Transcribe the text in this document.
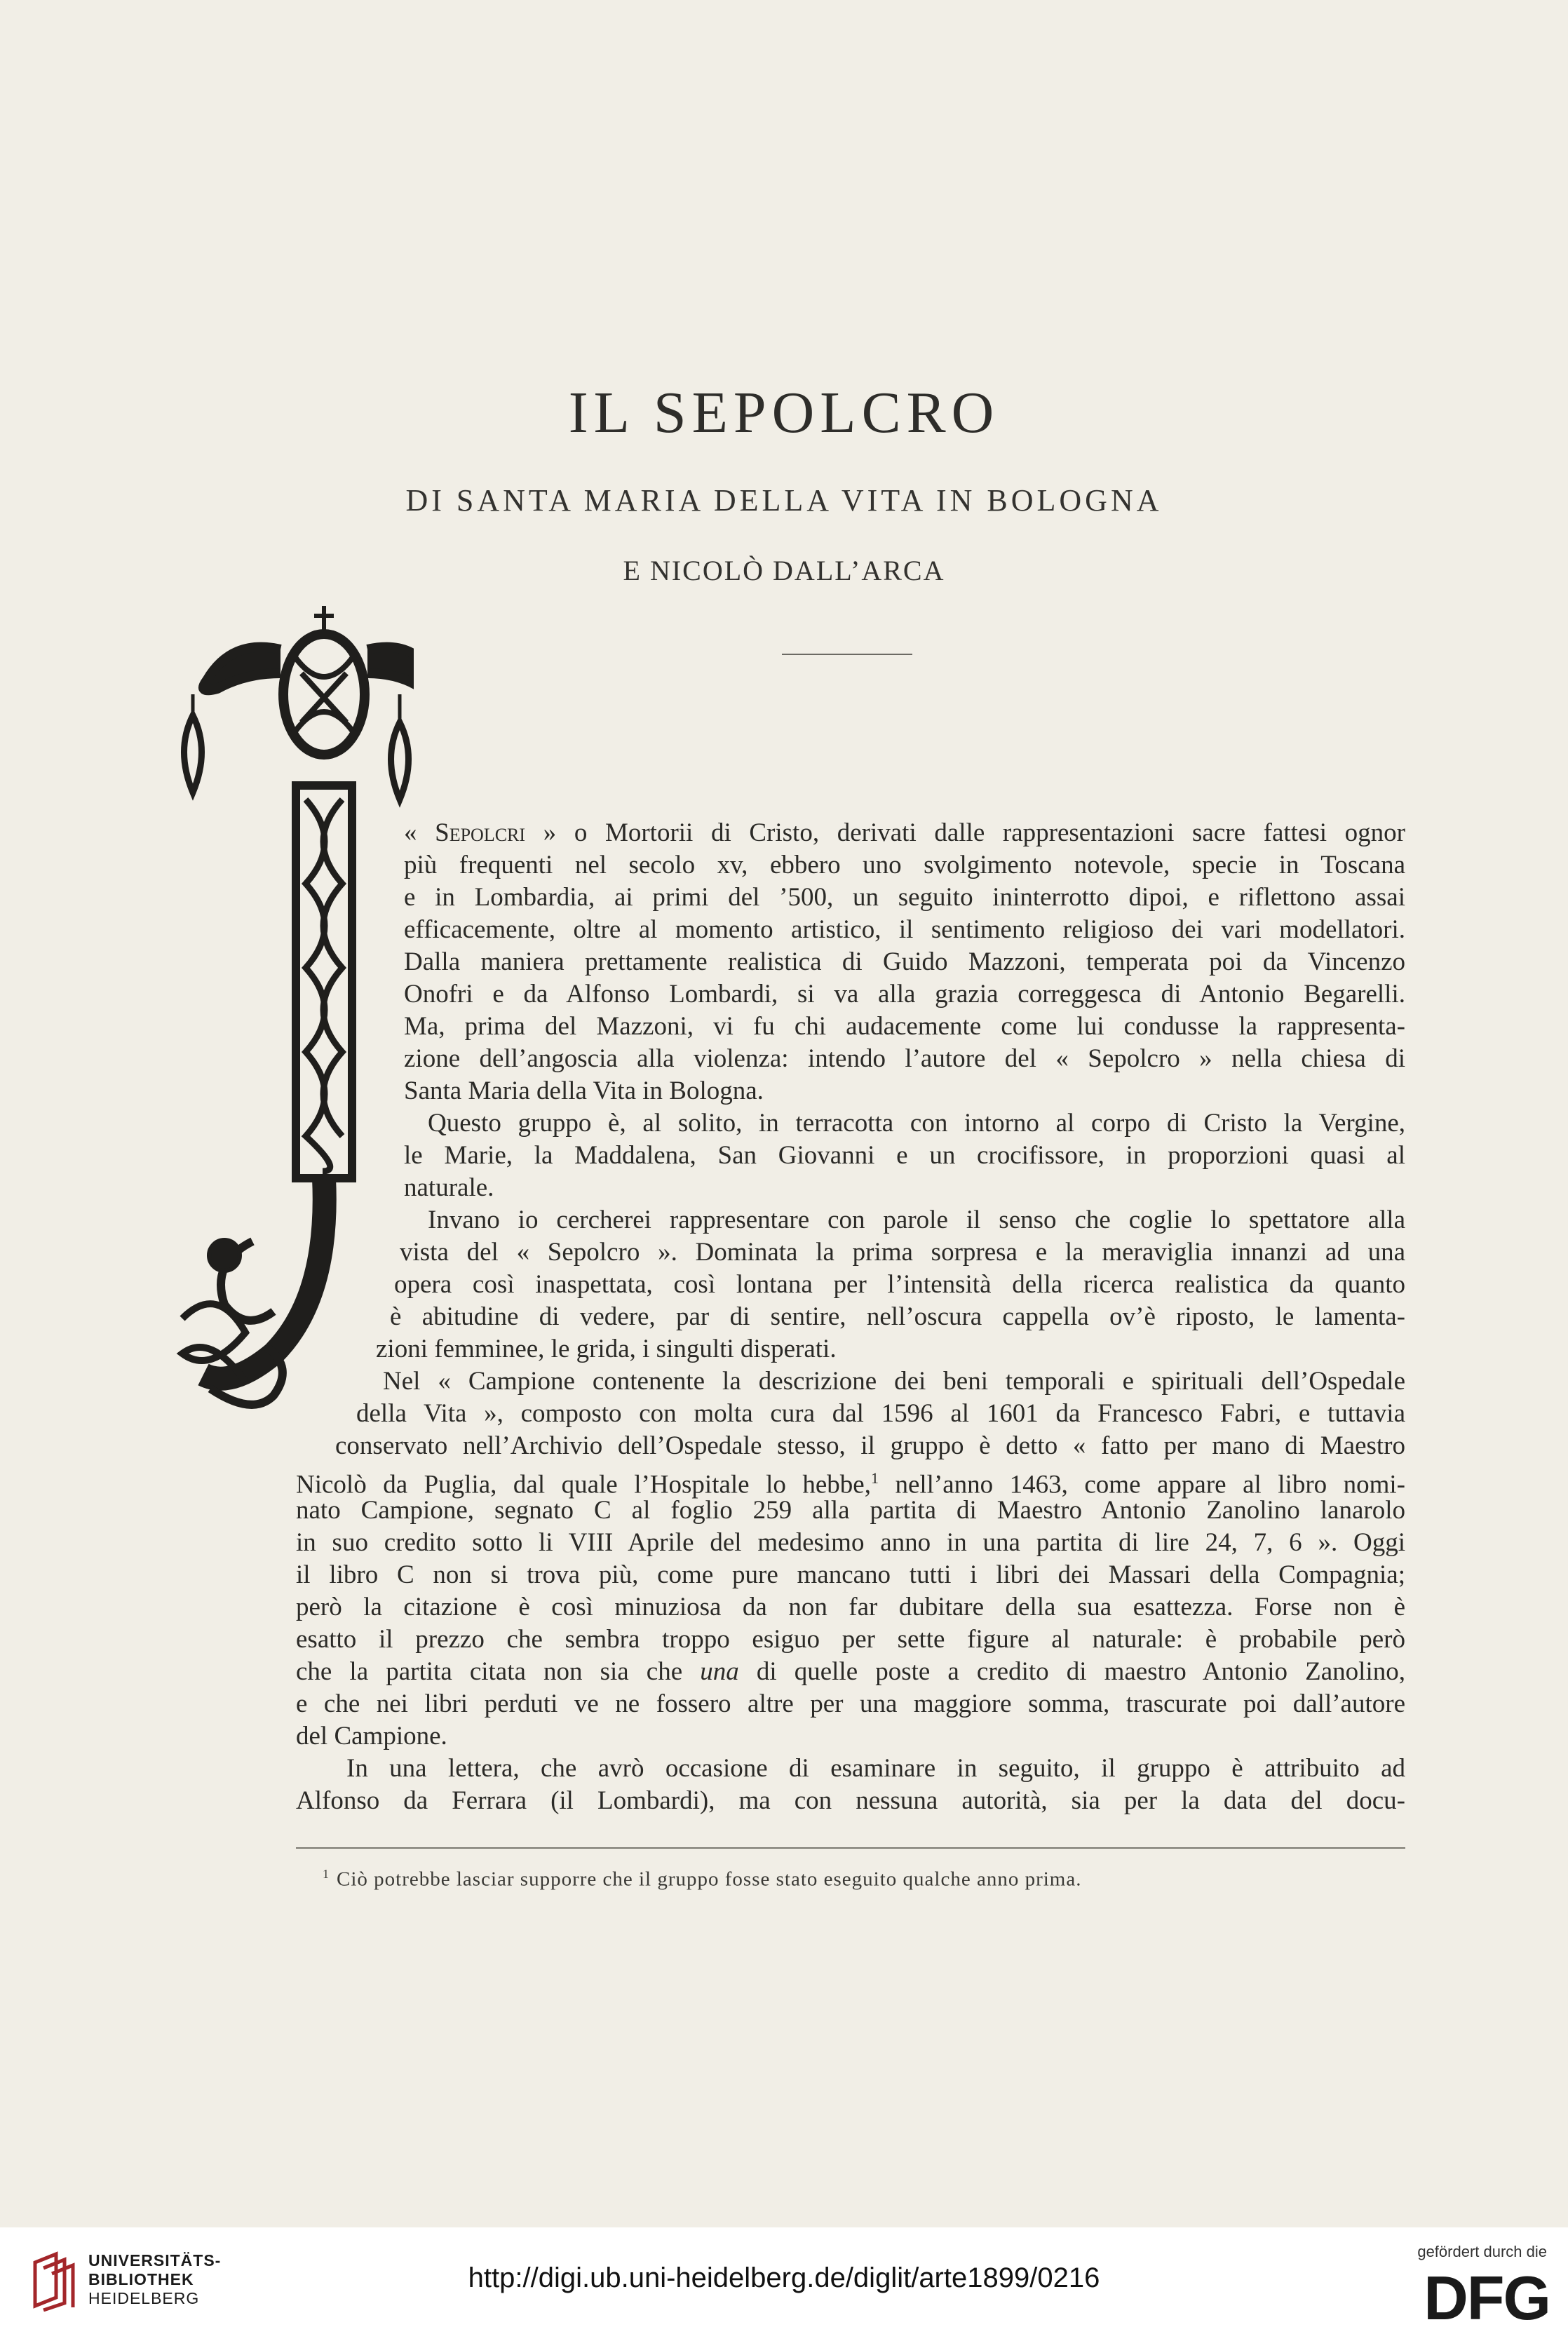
IL SEPOLCRO
DI SANTA MARIA DELLA VITA IN BOLOGNA
E NICOLÒ DALL’ARCA
« Sepolcri » o Mortorii di Cristo, derivati dalle rappresentazioni sacre fattesi ognor
più frequenti nel secolo xv, ebbero uno svolgimento notevole, specie in Toscana
e in Lombardia, ai primi del ’500, un seguito ininterrotto dipoi, e riflettono assai
efficacemente, oltre al momento artistico, il sentimento religioso dei vari modellatori.
Dalla maniera prettamente realistica di Guido Mazzoni, temperata poi da Vincenzo
Onofri e da Alfonso Lombardi, si va alla grazia correggesca di Antonio Begarelli.
Ma, prima del Mazzoni, vi fu chi audacemente come lui condusse la rappresenta-
zione dell’angoscia alla violenza: intendo l’autore del « Sepolcro » nella chiesa di
Santa Maria della Vita in Bologna.
Questo gruppo è, al solito, in terracotta con intorno al corpo di Cristo la Vergine,
le Marie, la Maddalena, San Giovanni e un crocifissore, in proporzioni quasi al
naturale.
Invano io cercherei rappresentare con parole il senso che coglie lo spettatore alla
vista del « Sepolcro ». Dominata la prima sorpresa e la meraviglia innanzi ad una
opera così inaspettata, così lontana per l’intensità della ricerca realistica da quanto
è abitudine di vedere, par di sentire, nell’oscura cappella ov’è riposto, le lamenta-
zioni femminee, le grida, i singulti disperati.
Nel « Campione contenente la descrizione dei beni temporali e spirituali dell’Ospedale
della Vita », composto con molta cura dal 1596 al 1601 da Francesco Fabri, e tuttavia
conservato nell’Archivio dell’Ospedale stesso, il gruppo è detto « fatto per mano di Maestro
Nicolò da Puglia, dal quale l’Hospitale lo hebbe,$^1$ nell’anno 1463, come appare al libro nomi-
nato Campione, segnato C al foglio 259 alla partita di Maestro Antonio Zanolino lanarolo
in suo credito sotto li VIII Aprile del medesimo anno in una partita di lire 24, 7, 6 ». Oggi
il libro C non si trova più, come pure mancano tutti i libri dei Massari della Compagnia;
però la citazione è così minuziosa da non far dubitare della sua esattezza. Forse non è
esatto il prezzo che sembra troppo esiguo per sette figure al naturale: è probabile però
che la partita citata non sia che una di quelle poste a credito di maestro Antonio Zanolino,
e che nei libri perduti ve ne fossero altre per una maggiore somma, trascurate poi dall’autore
del Campione.
In una lettera, che avrò occasione di esaminare in seguito, il gruppo è attribuito ad
Alfonso da Ferrara (il Lombardi), ma con nessuna autorità, sia per la data del docu-
$^1$ Ciò potrebbe lasciar supporre che il gruppo fosse stato eseguito qualche anno prima.
UNIVERSITÄTS-
BIBLIOTHEK
HEIDELBERG
http://digi.ub.uni-heidelberg.de/diglit/arte1899/0216
gefördert durch die
DFG
